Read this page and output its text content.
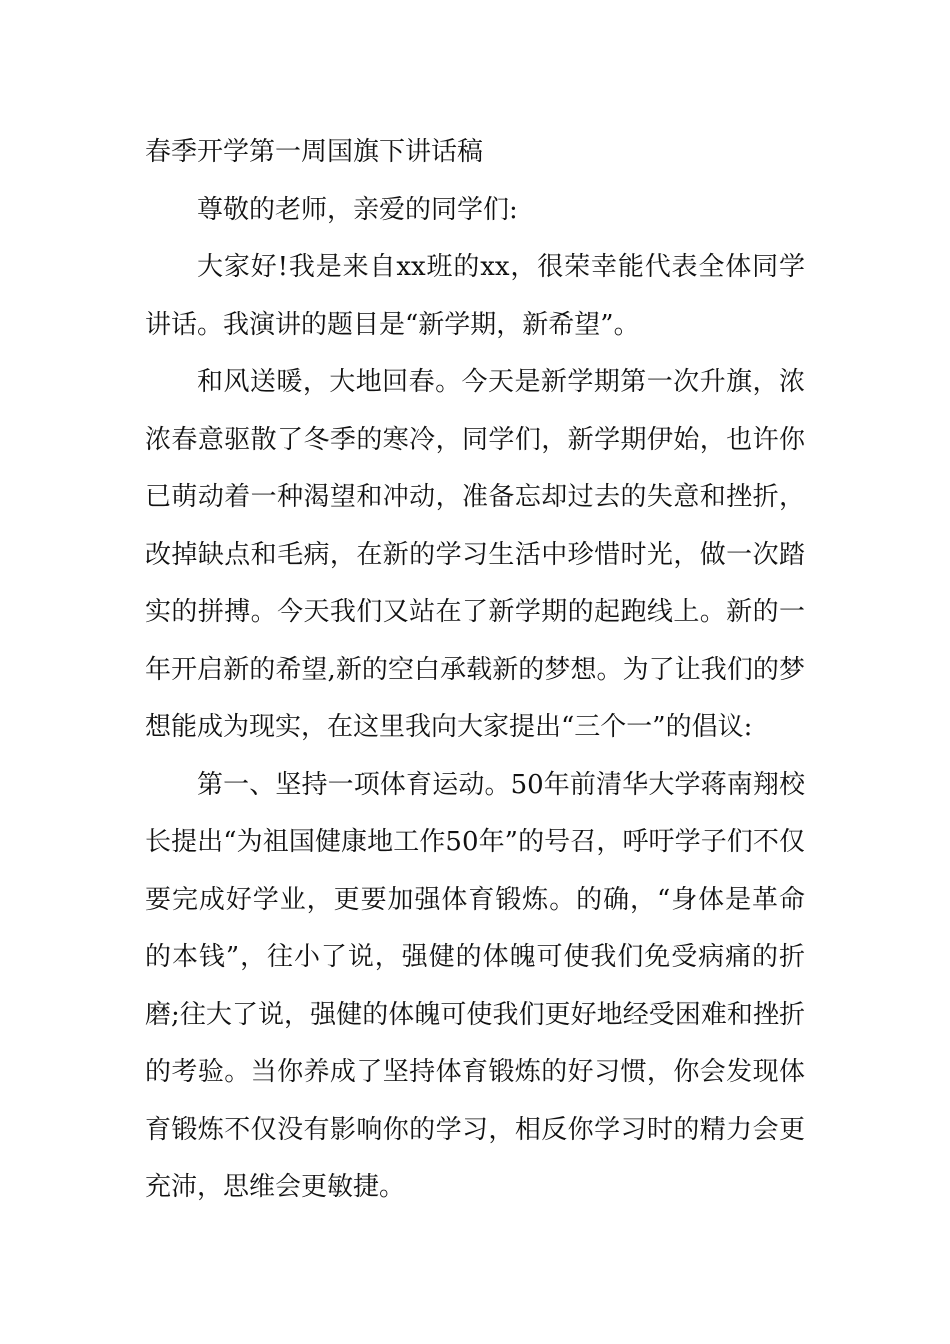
春季开学第一周国旗下讲话稿

尊敬的老师，亲爱的同学们:

大家好!我是来自xx班的xx，很荣幸能代表全体同学讲话。我演讲的题目是“新学期，新希望”。

和风送暖，大地回春。今天是新学期第一次升旗，浓浓春意驱散了冬季的寒冷，同学们，新学期伊始，也许你已萌动着一种渴望和冲动，准备忘却过去的失意和挫折，改掉缺点和毛病，在新的学习生活中珍惜时光，做一次踏实的拼搏。今天我们又站在了新学期的起跑线上。新的一年开启新的希望,新的空白承载新的梦想。为了让我们的梦想能成为现实，在这里我向大家提出“三个一”的倡议:

第一、坚持一项体育运动。50年前清华大学蒋南翔校长提出“为祖国健康地工作50年”的号召，呼吁学子们不仅要完成好学业，更要加强体育锻炼。的确，“身体是革命的本钱”，往小了说，强健的体魄可使我们免受病痛的折磨;往大了说，强健的体魄可使我们更好地经受困难和挫折的考验。当你养成了坚持体育锻炼的好习惯，你会发现体育锻炼不仅没有影响你的学习，相反你学习时的精力会更充沛，思维会更敏捷。
